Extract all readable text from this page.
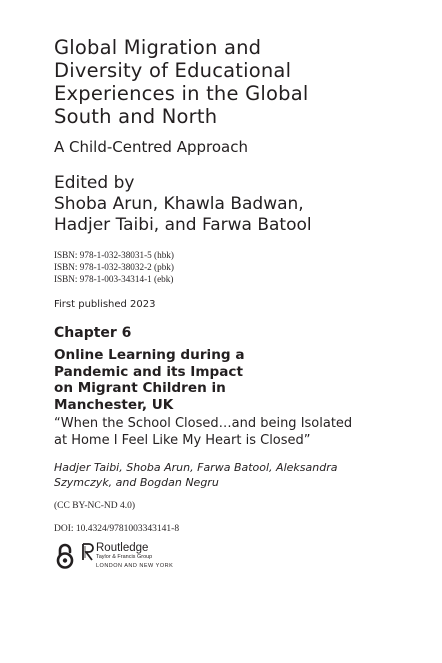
Global Migration and
Diversity of Educational
Experiences in the Global
South and North
A Child-Centred Approach
Edited by
Shoba Arun, Khawla Badwan,
Hadjer Taibi, and Farwa Batool
ISBN: 978-1-032-38031-5 (hbk)
ISBN: 978-1-032-38032-2 (pbk)
ISBN: 978-1-003-34314-1 (ebk)
First published 2023
Chapter 6
Online Learning during a
Pandemic and its Impact
on Migrant Children in
Manchester, UK
“When the School Closed…and being Isolated
at Home I Feel Like My Heart is Closed”
Hadjer Taibi, Shoba Arun, Farwa Batool, Aleksandra
Szymczyk, and Bogdan Negru
(CC BY-NC-ND 4.0)
DOI: 10.4324/9781003343141-8
Routledge
Taylor & Francis Group
LONDON AND NEW YORK
